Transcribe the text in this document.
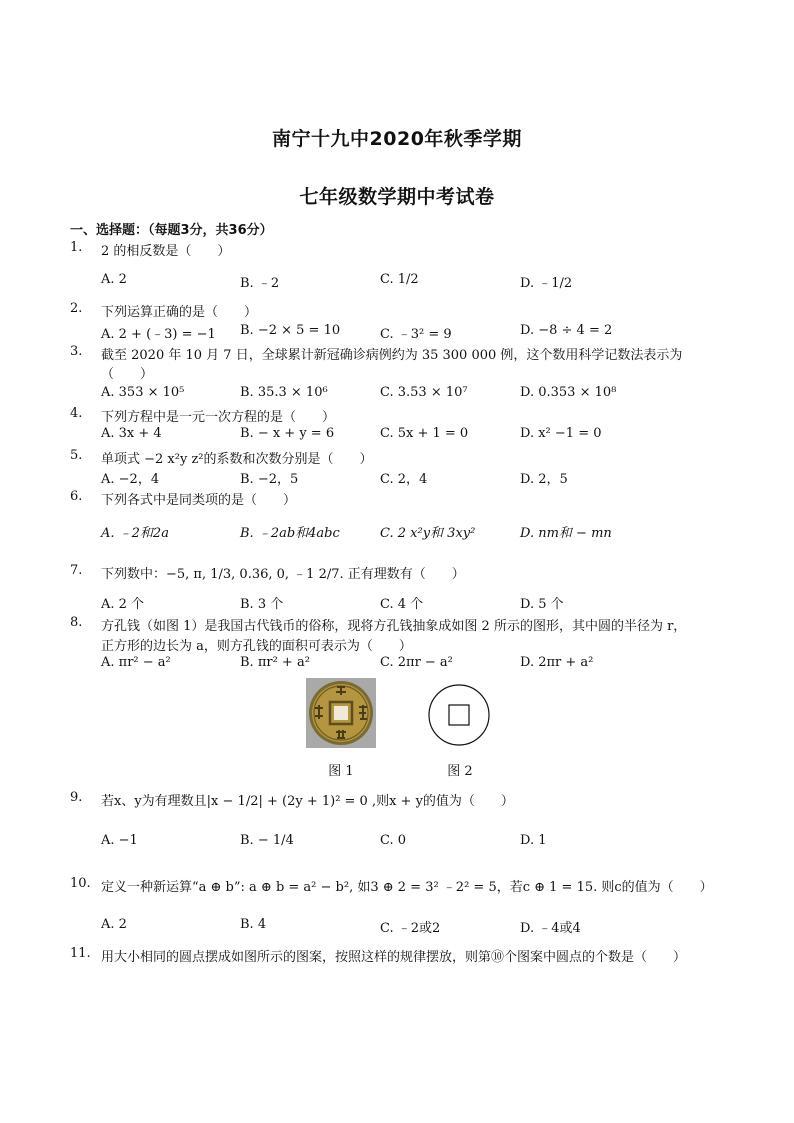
南宁十九中2020年秋季学期
七年级数学期中考试卷
一、选择题：（每题3分，共36分）
1. 2 的相反数是（　　）
A. 2	B. ﹣2	C. 1/2	D. ﹣1/2
2. 下列运算正确的是（　　）
A. 2 + (﹣3) = −1 B. −2 × 5 = 10	C. ﹣3² = 9	D. −8 ÷ 4 = 2
3. 截至 2020 年 10 月 7 日，全球累计新冠确诊病例约为 35 300 000 例，这个数用科学记数法表示为
（　　）
A. 353 × 10⁵	B. 35.3 × 10⁶	C. 3.53 × 10⁷	D. 0.353 × 10⁸
4. 下列方程中是一元一次方程的是（　　）
A. 3x + 4	B. − x + y = 6	C. 5x + 1 = 0	D. x² −1 = 0
5. 单项式 −2 x²y z²的系数和次数分别是（　　）
A. −2，4	B. −2，5	C. 2，4	D. 2，5
6. 下列各式中是同类项的是（　　）
A. ﹣2和2a	B. ﹣2ab和4abc	C. 2 x²y和 3xy²	D. nm和 − mn
7. 下列数中：−5, π, 1/3, 0.36, 0, ﹣1 2/7. 正有理数有（　　）
A. 2 个	B. 3 个	C. 4 个	D. 5 个
8. 方孔钱（如图 1）是我国古代钱币的俗称，现将方孔钱抽象成如图 2 所示的图形，其中圆的半径为 r，
正方形的边长为 a，则方孔钱的面积可表示为（　　）
A. πr² − a²	B. πr² + a²	C. 2πr − a²	D. 2πr + a²
图 1	图 2
9. 若x、y为有理数且|x − 1/2| + (2y + 1)² = 0 ,则x + y的值为（　　）
A. −1	B. − 1/4	C. 0	D. 1
10. 定义一种新运算“a ⊕ b”: a ⊕ b = a² − b², 如3 ⊕ 2 = 3² ﹣2² = 5，若c ⊕ 1 = 15. 则c的值为（　　）
A. 2	B. 4	C. ﹣2或2	D. ﹣4或4
11. 用大小相同的圆点摆成如图所示的图案，按照这样的规律摆放，则第⑩个图案中圆点的个数是（　　）
